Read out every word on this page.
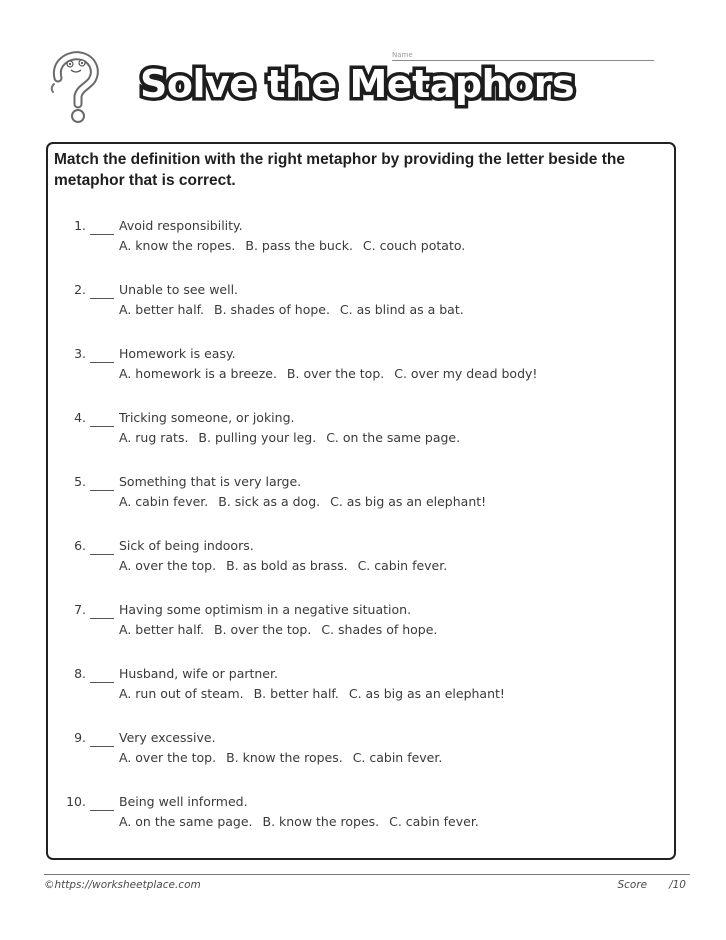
Name
Solve the Metaphors

Match the definition with the right metaphor by providing the letter beside the metaphor that is correct.

1.	Avoid responsibility.
A. know the ropes. B. pass the buck. C. couch potato.
2.	Unable to see well.
A. better half. B. shades of hope. C. as blind as a bat.
3.	Homework is easy.
A. homework is a breeze. B. over the top. C. over my dead body!
4.	Tricking someone, or joking.
A. rug rats. B. pulling your leg. C. on the same page.
5.	Something that is very large.
A. cabin fever. B. sick as a dog. C. as big as an elephant!
6.	Sick of being indoors.
A. over the top. B. as bold as brass. C. cabin fever.
7.	Having some optimism in a negative situation.
A. better half. B. over the top. C. shades of hope.
8.	Husband, wife or partner.
A. run out of steam. B. better half. C. as big as an elephant!
9.	Very excessive.
A. over the top. B. know the ropes. C. cabin fever.
10.	Being well informed.
A. on the same page. B. know the ropes. C. cabin fever.
©https://worksheetplace.com	Score /10
